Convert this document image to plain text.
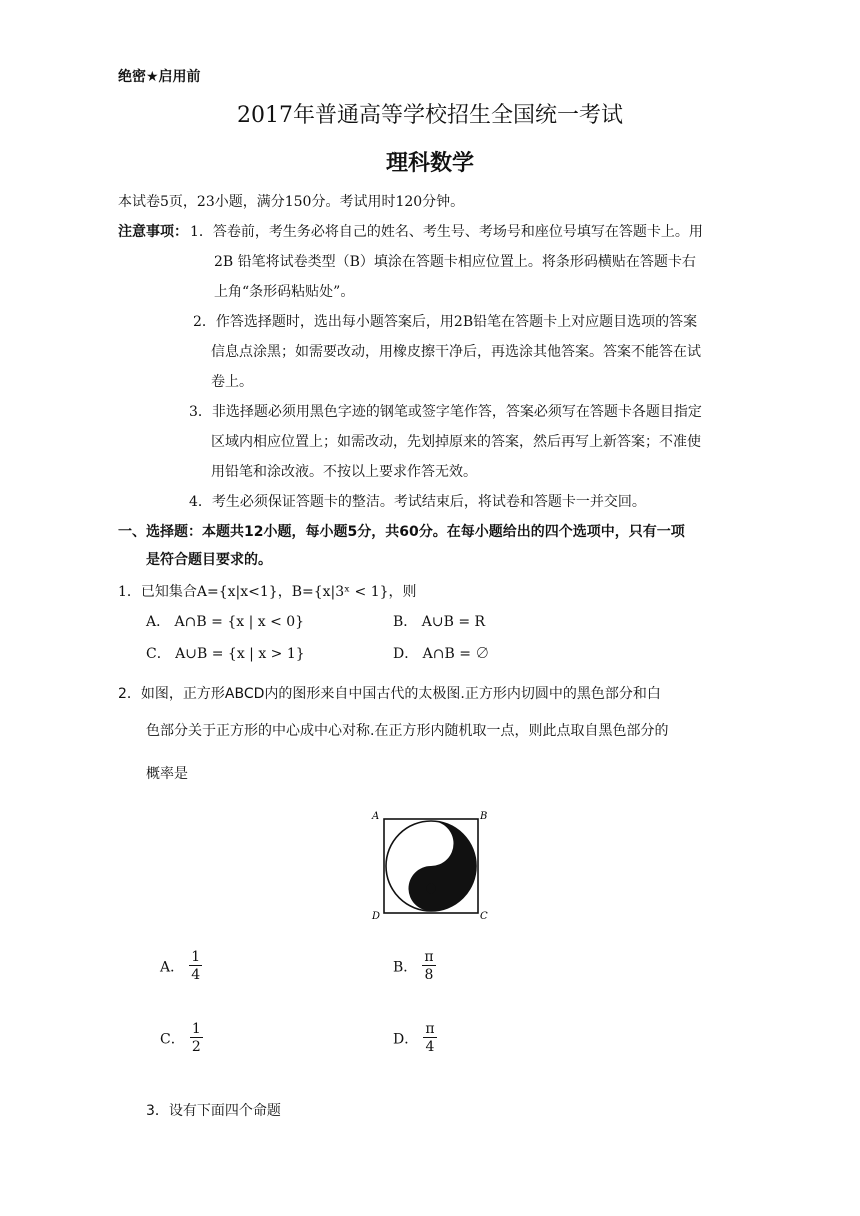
绝密★启用前
2017年普通高等学校招生全国统一考试
理科数学
本试卷5页，23小题，满分150分。考试用时120分钟。
注意事项： 1．答卷前，考生务必将自己的姓名、考生号、考场号和座位号填写在答题卡上。用
2B 铅笔将试卷类型（B）填涂在答题卡相应位置上。将条形码横贴在答题卡右
上角“条形码粘贴处”。
2．作答选择题时，选出每小题答案后，用2B铅笔在答题卡上对应题目选项的答案
信息点涂黑；如需要改动，用橡皮擦干净后，再选涂其他答案。答案不能答在试
卷上。
3．非选择题必须用黑色字迹的钢笔或签字笔作答，答案必须写在答题卡各题目指定
区域内相应位置上；如需改动，先划掉原来的答案，然后再写上新答案；不准使
用铅笔和涂改液。不按以上要求作答无效。
4．考生必须保证答题卡的整洁。考试结束后，将试卷和答题卡一并交回。
一、选择题：本题共12小题，每小题5分，共60分。在每小题给出的四个选项中，只有一项
是符合题目要求的。
1．已知集合A={x|x<1}，B={x|3ˣ < 1}，则
A． A∩B = {x | x < 0}	B． A∪B = R
C． A∪B = {x | x > 1}	D． A∩B = ∅
2．如图，正方形ABCD内的图形来自中国古代的太极图.正方形内切圆中的黑色部分和白
色部分关于正方形的中心成中心对称.在正方形内随机取一点，则此点取自黑色部分的
概率是
A	B
C
D
A． $\frac{1}{4}$	B． $\frac{\pi}{8}$
C． $\frac{1}{2}$	D． $\frac{\pi}{4}$
3．设有下面四个命题
